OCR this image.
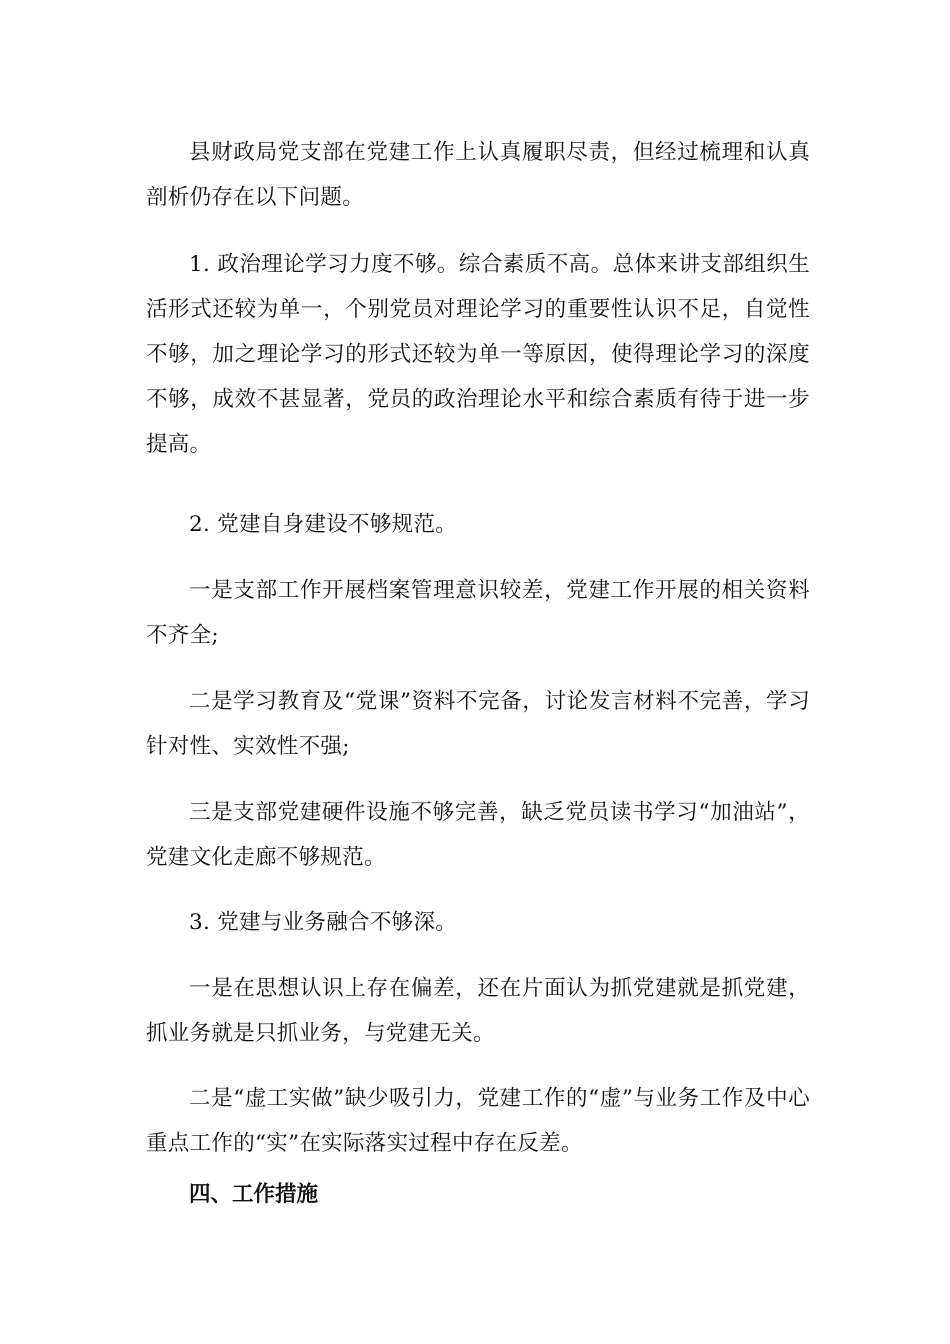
县财政局党支部在党建工作上认真履职尽责，但经过梳理和认真剖析仍存在以下问题。

1. 政治理论学习力度不够。综合素质不高。总体来讲支部组织生活形式还较为单一，个别党员对理论学习的重要性认识不足，自觉性不够，加之理论学习的形式还较为单一等原因，使得理论学习的深度不够，成效不甚显著，党员的政治理论水平和综合素质有待于进一步提高。

2. 党建自身建设不够规范。

一是支部工作开展档案管理意识较差，党建工作开展的相关资料不齐全;

二是学习教育及“党课”资料不完备，讨论发言材料不完善，学习针对性、实效性不强;

三是支部党建硬件设施不够完善，缺乏党员读书学习“加油站”，党建文化走廊不够规范。

3. 党建与业务融合不够深。

一是在思想认识上存在偏差，还在片面认为抓党建就是抓党建，抓业务就是只抓业务，与党建无关。

二是“虚工实做”缺少吸引力，党建工作的“虚”与业务工作及中心重点工作的“实”在实际落实过程中存在反差。

四、工作措施
